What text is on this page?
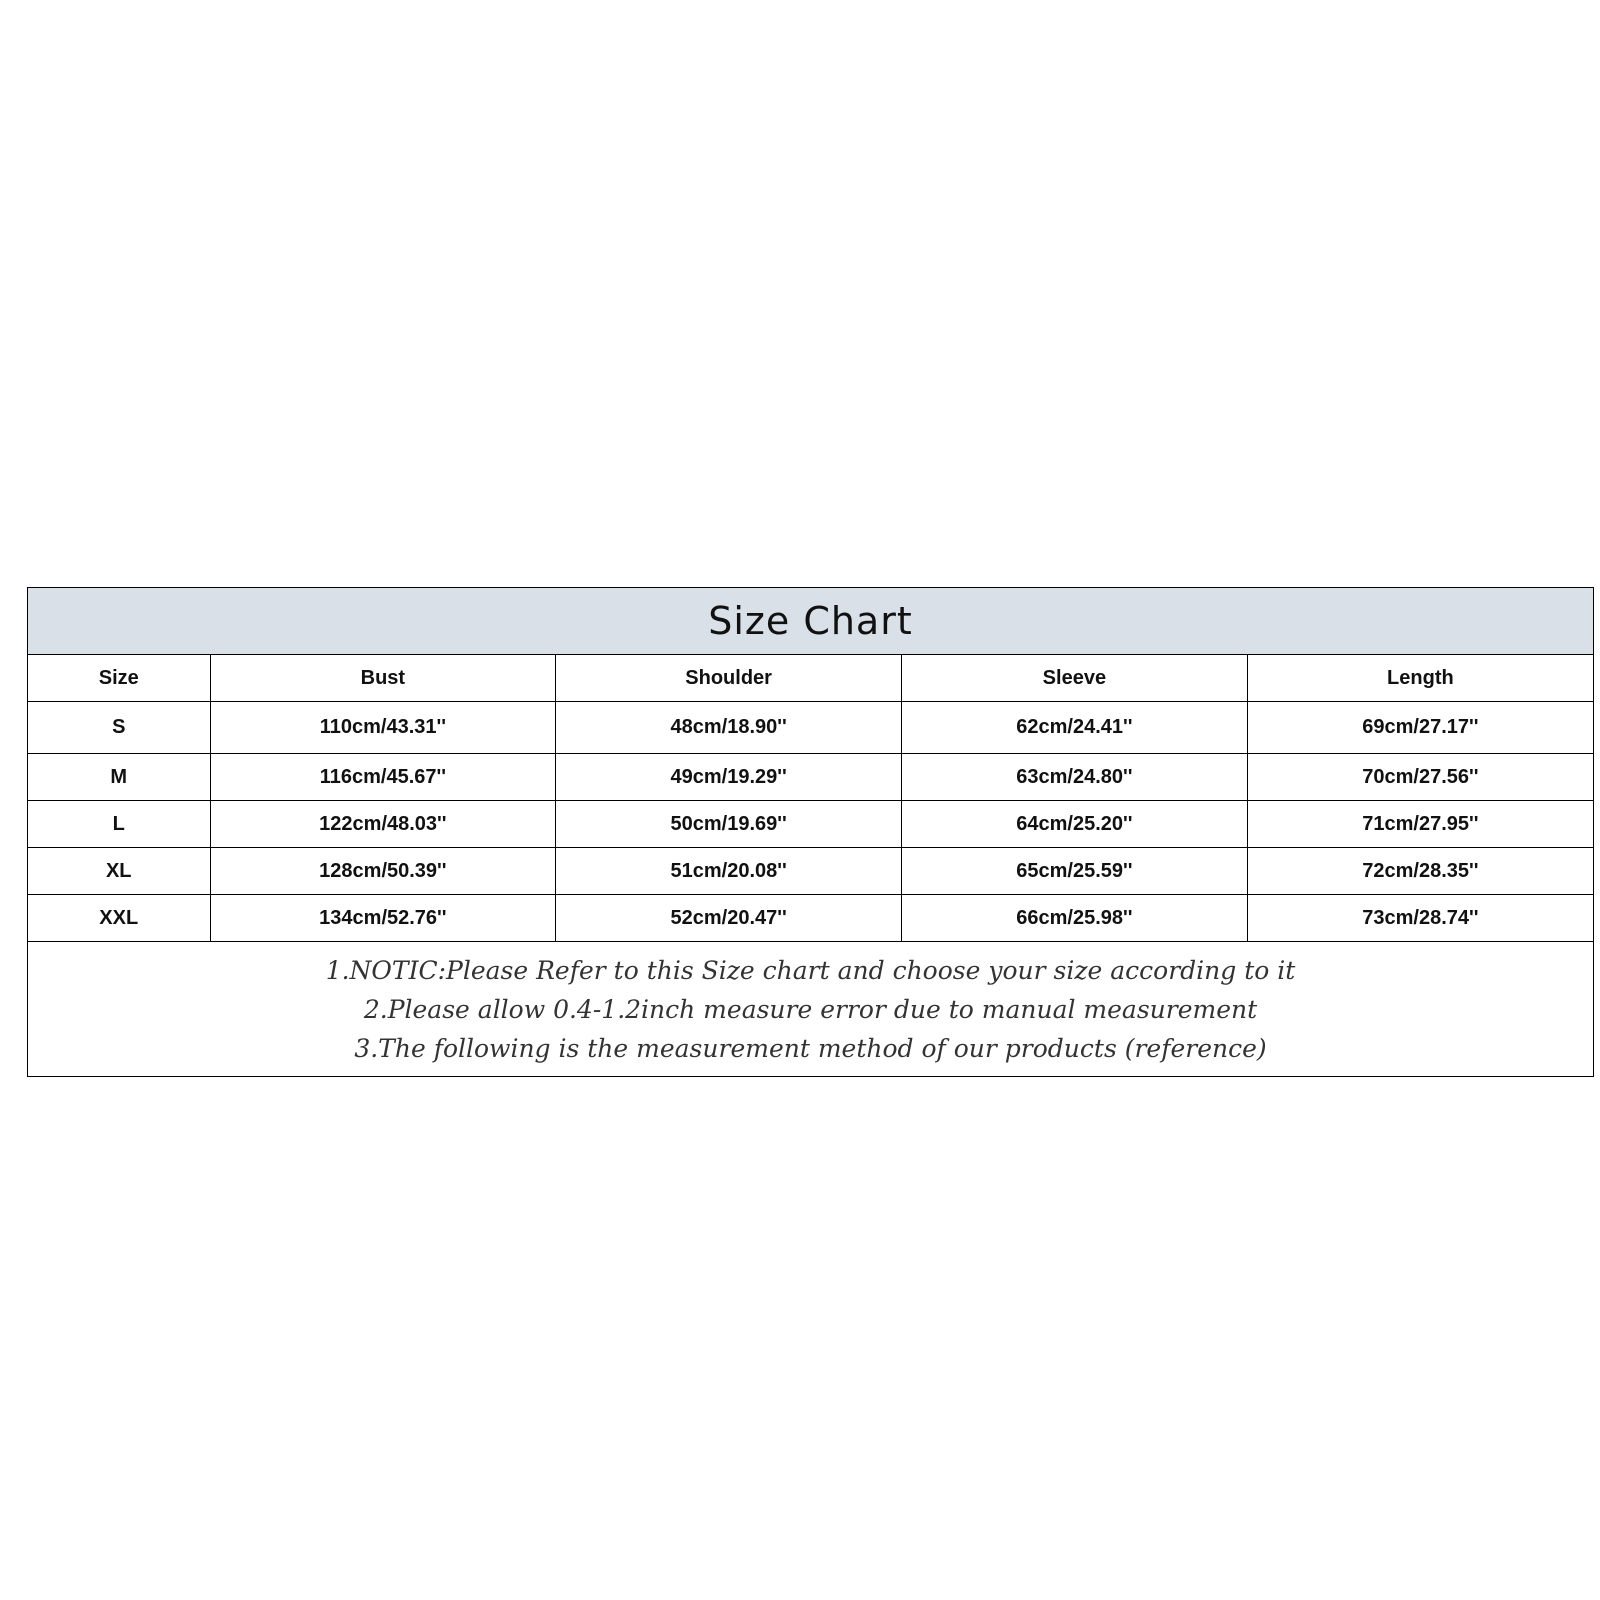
Size Chart
Size	Bust	Shoulder	Sleeve	Length
S	110cm/43.31''	48cm/18.90''	62cm/24.41''	69cm/27.17''
M	116cm/45.67''	49cm/19.29''	63cm/24.80''	70cm/27.56''
L	122cm/48.03''	50cm/19.69''	64cm/25.20''	71cm/27.95''
XL	128cm/50.39''	51cm/20.08''	65cm/25.59''	72cm/28.35''
XXL	134cm/52.76''	52cm/20.47''	66cm/25.98''	73cm/28.74''
1.NOTIC:Please Refer to this Size chart and choose your size according to it
2.Please allow 0.4-1.2inch measure error due to manual measurement
3.The following is the measurement method of our products (reference)
